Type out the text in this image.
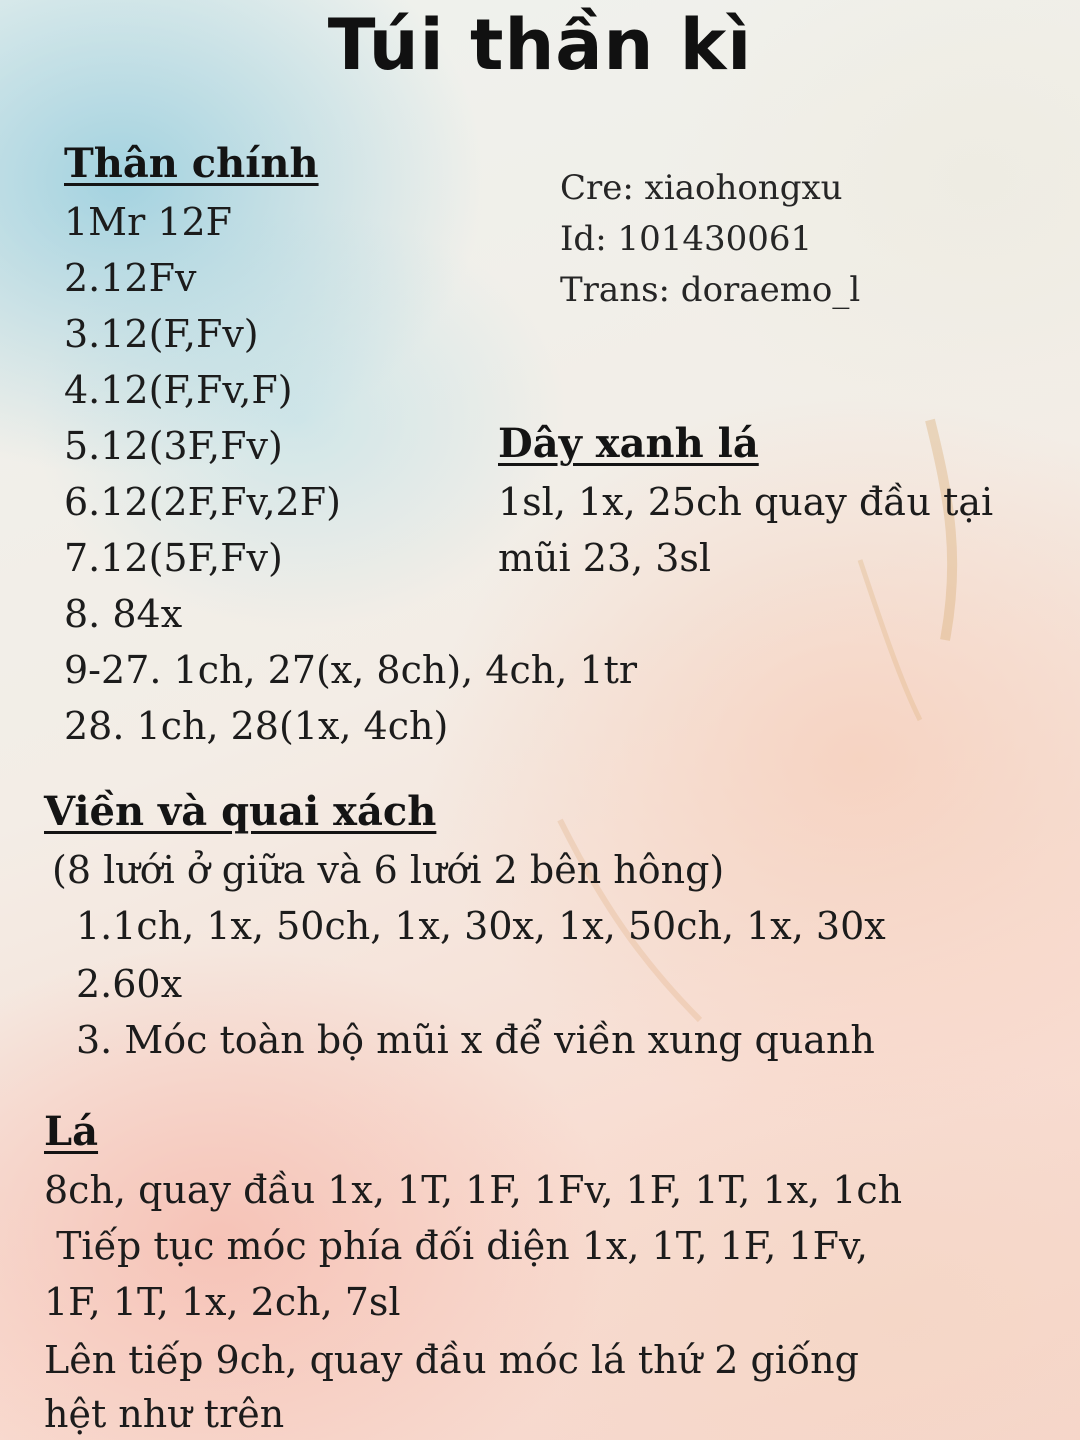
Túi thần kì
Cre: xiaohongxu
Id: 101430061
Trans: doraemo_l
Thân chính
1Mr 12F
2.12Fv
3.12(F,Fv)
4.12(F,Fv,F)
5.12(3F,Fv)
6.12(2F,Fv,2F)
7.12(5F,Fv)
8. 84x
9-27. 1ch, 27(x, 8ch), 4ch, 1tr
28. 1ch, 28(1x, 4ch)
Dây xanh lá
1sl, 1x, 25ch quay đầu tại
mũi 23, 3sl
Viền và quai xách
(8 lưới ở giữa và 6 lưới 2 bên hông)
1.1ch, 1x, 50ch, 1x, 30x, 1x, 50ch, 1x, 30x
2.60x
3. Móc toàn bộ mũi x để viền xung quanh
Lá
8ch, quay đầu 1x, 1T, 1F, 1Fv, 1F, 1T, 1x, 1ch
Tiếp tục móc phía đối diện 1x, 1T, 1F, 1Fv,
1F, 1T, 1x, 2ch, 7sl
Lên tiếp 9ch, quay đầu móc lá thứ 2 giống
hệt như trên
